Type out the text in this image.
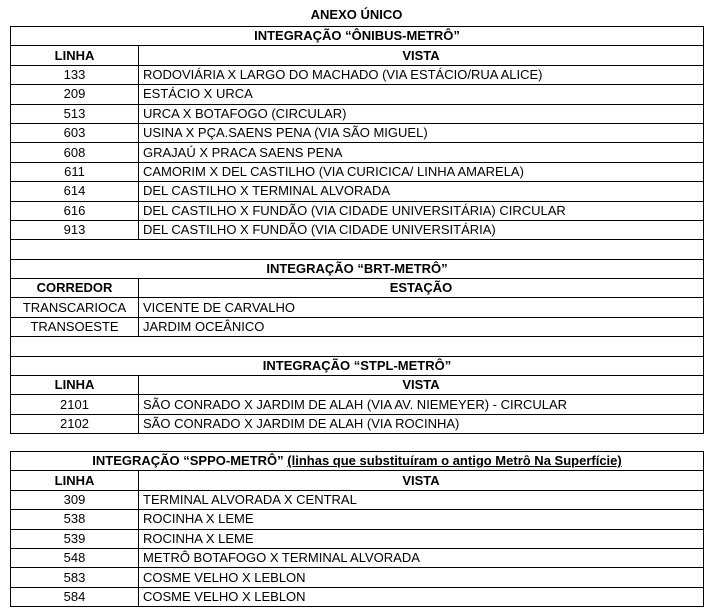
ANEXO ÚNICO
INTEGRAÇÃO “ÔNIBUS-METRÔ”	
LINHA	VISTA
133	RODOVIÁRIA X LARGO DO MACHADO (VIA ESTÁCIO/RUA ALICE)
209	ESTÁCIO X URCA
513	URCA X BOTAFOGO (CIRCULAR)
603	USINA X PÇA.SAENS PENA (VIA SÃO MIGUEL)
608	GRAJAÚ X PRACA SAENS PENA
611	CAMORIM X DEL CASTILHO (VIA CURICICA/ LINHA AMARELA)
614	DEL CASTILHO X TERMINAL ALVORADA
616	DEL CASTILHO X FUNDÃO (VIA CIDADE UNIVERSITÁRIA) CIRCULAR
913	DEL CASTILHO X FUNDÃO (VIA CIDADE UNIVERSITÁRIA)

INTEGRAÇÃO “BRT-METRÔ”	
CORREDOR	ESTAÇÃO
TRANSCARIOCA	VICENTE DE CARVALHO
TRANSOESTE	JARDIM OCEÂNICO

INTEGRAÇÃO “STPL-METRÔ”	
LINHA	VISTA
2101	SÃO CONRADO X JARDIM DE ALAH (VIA AV. NIEMEYER) - CIRCULAR
2102	SÃO CONRADO X JARDIM DE ALAH (VIA ROCINHA)
INTEGRAÇÃO “SPPO-METRÔ” (linhas que substituíram o antigo Metrô Na Superfície)	
LINHA	VISTA
309	TERMINAL ALVORADA X CENTRAL
538	ROCINHA X LEME
539	ROCINHA X LEME
548	METRÔ BOTAFOGO X TERMINAL ALVORADA
583	COSME VELHO X LEBLON
584	COSME VELHO X LEBLON
